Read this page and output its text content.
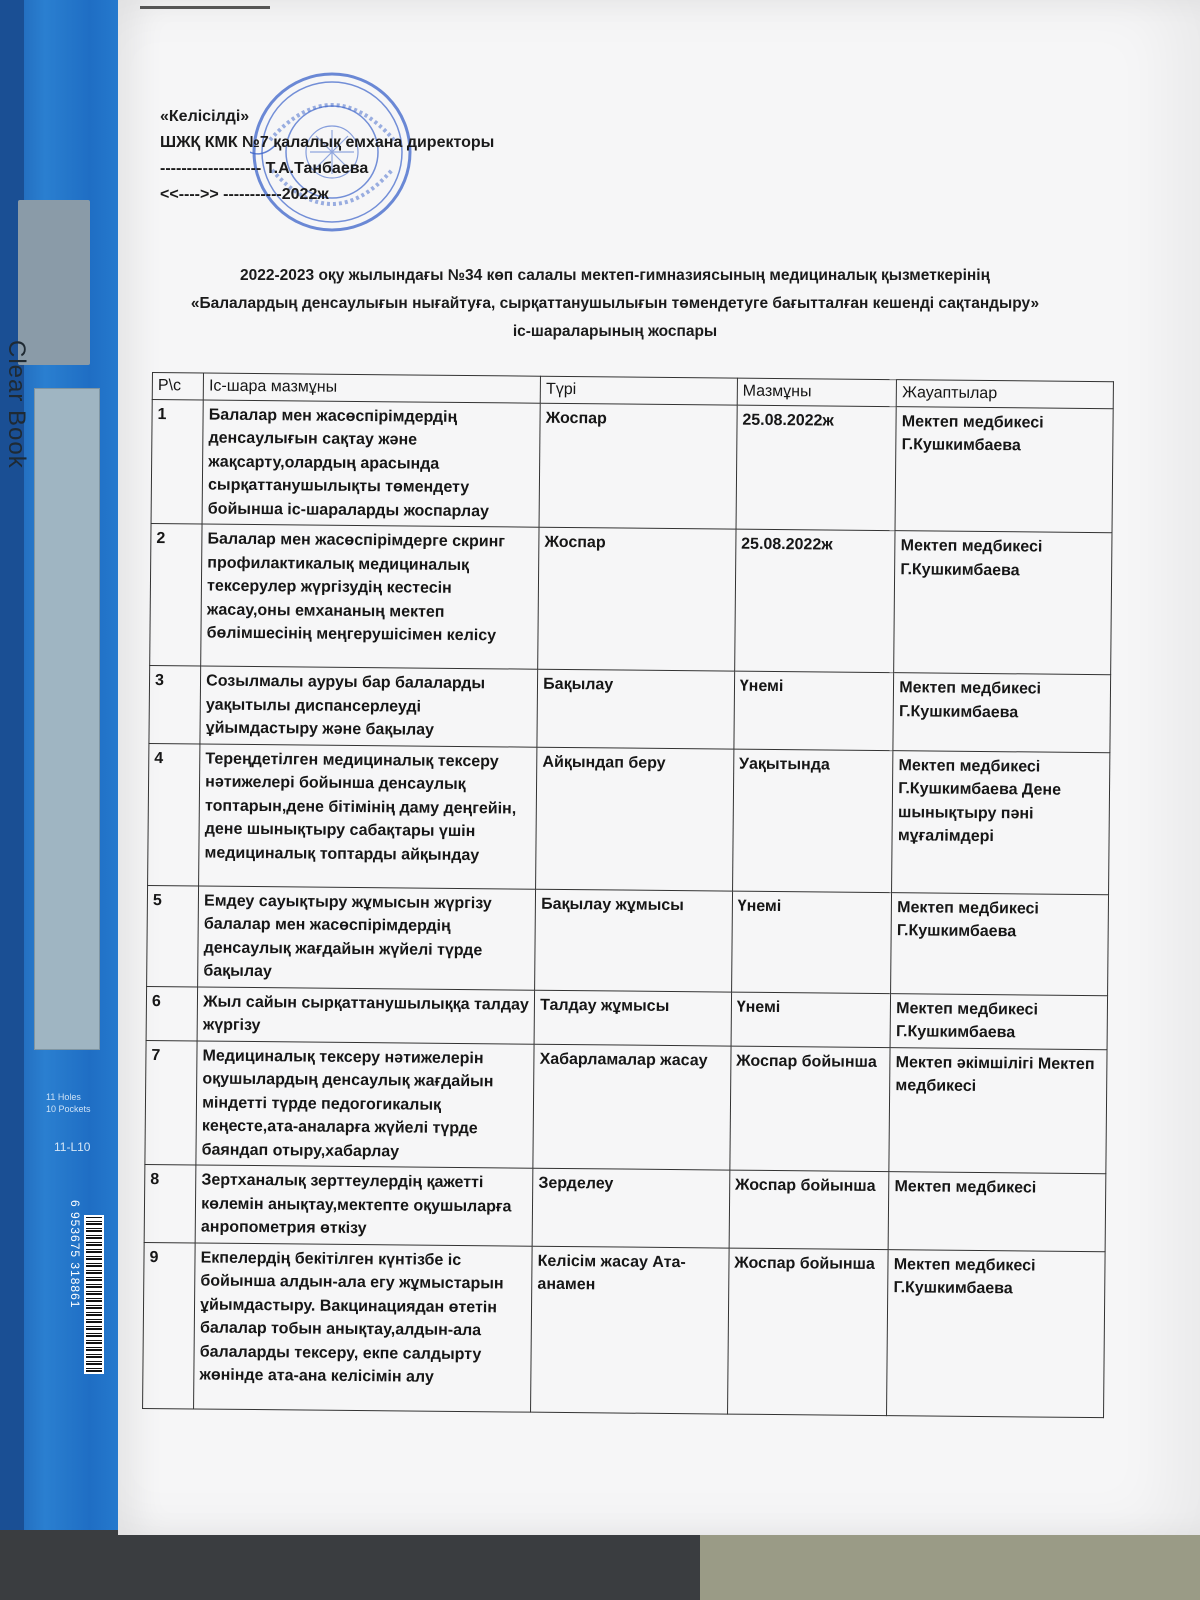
Clear Book
11 Holes
10 Pockets
11-L10
6 953675 318861
«Келісілді»
ШЖҚ КМК №7 қалалық емхана директоры
------------------- Т.А.Танбаева
<<---->> -----------2022ж
2022-2023 оқу жылындағы №34 көп салалы мектеп-гимназиясының медициналық қызметкерінің
«Балалардың денсаулығын нығайтуға, сырқаттанушылығын төмендетуге бағытталған кешенді сақтандыру»
іс-шараларының жоспары
Р\с	Іс-шара мазмұны	Түрі	Мазмұны	Жауаптылар
1	Балалар мен жасөспірімдердің денсаулығын сақтау және жақсарту,олардың арасында сырқаттанушылықты төмендету бойынша іс-шараларды жоспарлау	Жоспар	25.08.2022ж	Мектеп медбикесі Г.Кушкимбаева
2	Балалар мен жасөспірімдерге скринг профилактикалық медициналық тексерулер жүргізудің кестесін жасау,оны емхананың мектеп бөлімшесінің меңгерушісімен келісу	Жоспар	25.08.2022ж	Мектеп медбикесі Г.Кушкимбаева
3	Созылмалы ауруы бар балаларды уақытылы диспансерлеуді ұйымдастыру және бақылау	Бақылау	Үнемі	Мектеп медбикесі Г.Кушкимбаева
4	Тереңдетілген медициналық тексеру нәтижелері бойынша денсаулық топтарын,дене бітімінің даму деңгейін, дене шынықтыру сабақтары үшін медициналық топтарды айқындау	Айқындап беру	Уақытында	Мектеп медбикесі Г.Кушкимбаева Дене шынықтыру пәні мұғалімдері
5	Емдеу сауықтыру жұмысын жүргізу балалар мен жасөспірімдердің денсаулық жағдайын жүйелі түрде бақылау	Бақылау жұмысы	Үнемі	Мектеп медбикесі Г.Кушкимбаева
6	Жыл сайын сырқаттанушылыққа талдау жүргізу	Талдау жұмысы	Үнемі	Мектеп медбикесі Г.Кушкимбаева
7	Медициналық тексеру нәтижелерін оқушылардың денсаулық жағдайын міндетті түрде педогогикалық кеңесте,ата-аналарға жүйелі түрде баяндап отыру,хабарлау	Хабарламалар жасау	Жоспар бойынша	Мектеп әкімшілігі Мектеп медбикесі
8	Зертханалық зерттеулердің қажетті көлемін анықтау,мектепте оқушыларға анропометрия өткізу	Зерделеу	Жоспар бойынша	Мектеп медбикесі
9	Екпелердің бекітілген күнтізбе іс бойынша алдын-ала егу жұмыстарын ұйымдастыру. Вакцинациядан өтетін балалар тобын анықтау,алдын-ала балаларды тексеру, екпе салдырту жөнінде ата-ана келісімін алу	Келісім жасау Ата-анамен	Жоспар бойынша	Мектеп медбикесі Г.Кушкимбаева
